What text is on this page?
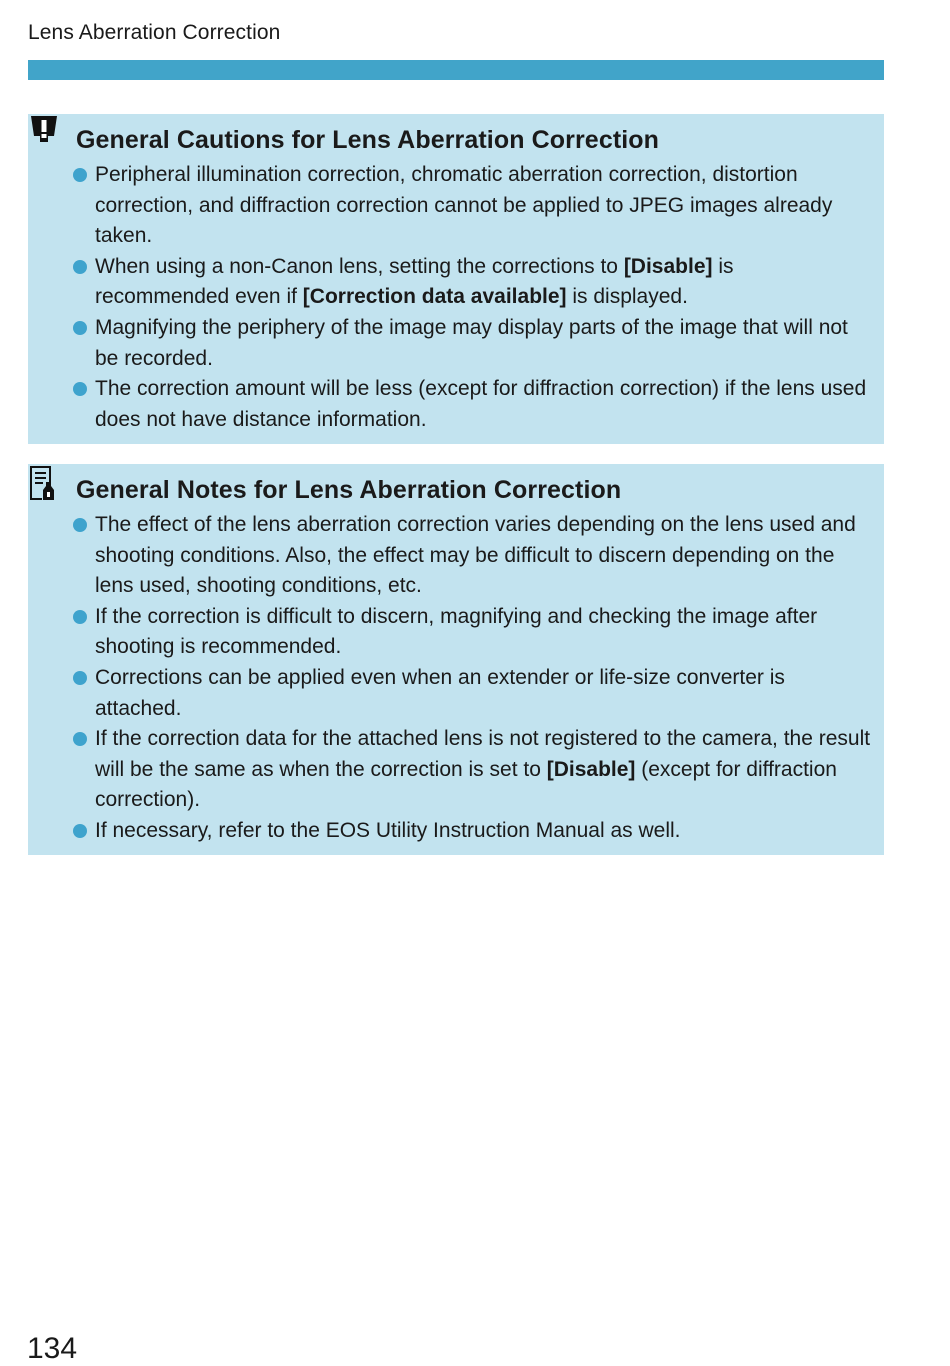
Lens Aberration Correction
General Cautions for Lens Aberration Correction
Peripheral illumination correction, chromatic aberration correction, distortion correction, and diffraction correction cannot be applied to JPEG images already taken.
When using a non-Canon lens, setting the corrections to [Disable] is recommended even if [Correction data available] is displayed.
Magnifying the periphery of the image may display parts of the image that will not be recorded.
The correction amount will be less (except for diffraction correction) if the lens used does not have distance information.
General Notes for Lens Aberration Correction
The effect of the lens aberration correction varies depending on the lens used and shooting conditions. Also, the effect may be difficult to discern depending on the lens used, shooting conditions, etc.
If the correction is difficult to discern, magnifying and checking the image after shooting is recommended.
Corrections can be applied even when an extender or life-size converter is attached.
If the correction data for the attached lens is not registered to the camera, the result will be the same as when the correction is set to [Disable] (except for diffraction correction).
If necessary, refer to the EOS Utility Instruction Manual as well.
134
